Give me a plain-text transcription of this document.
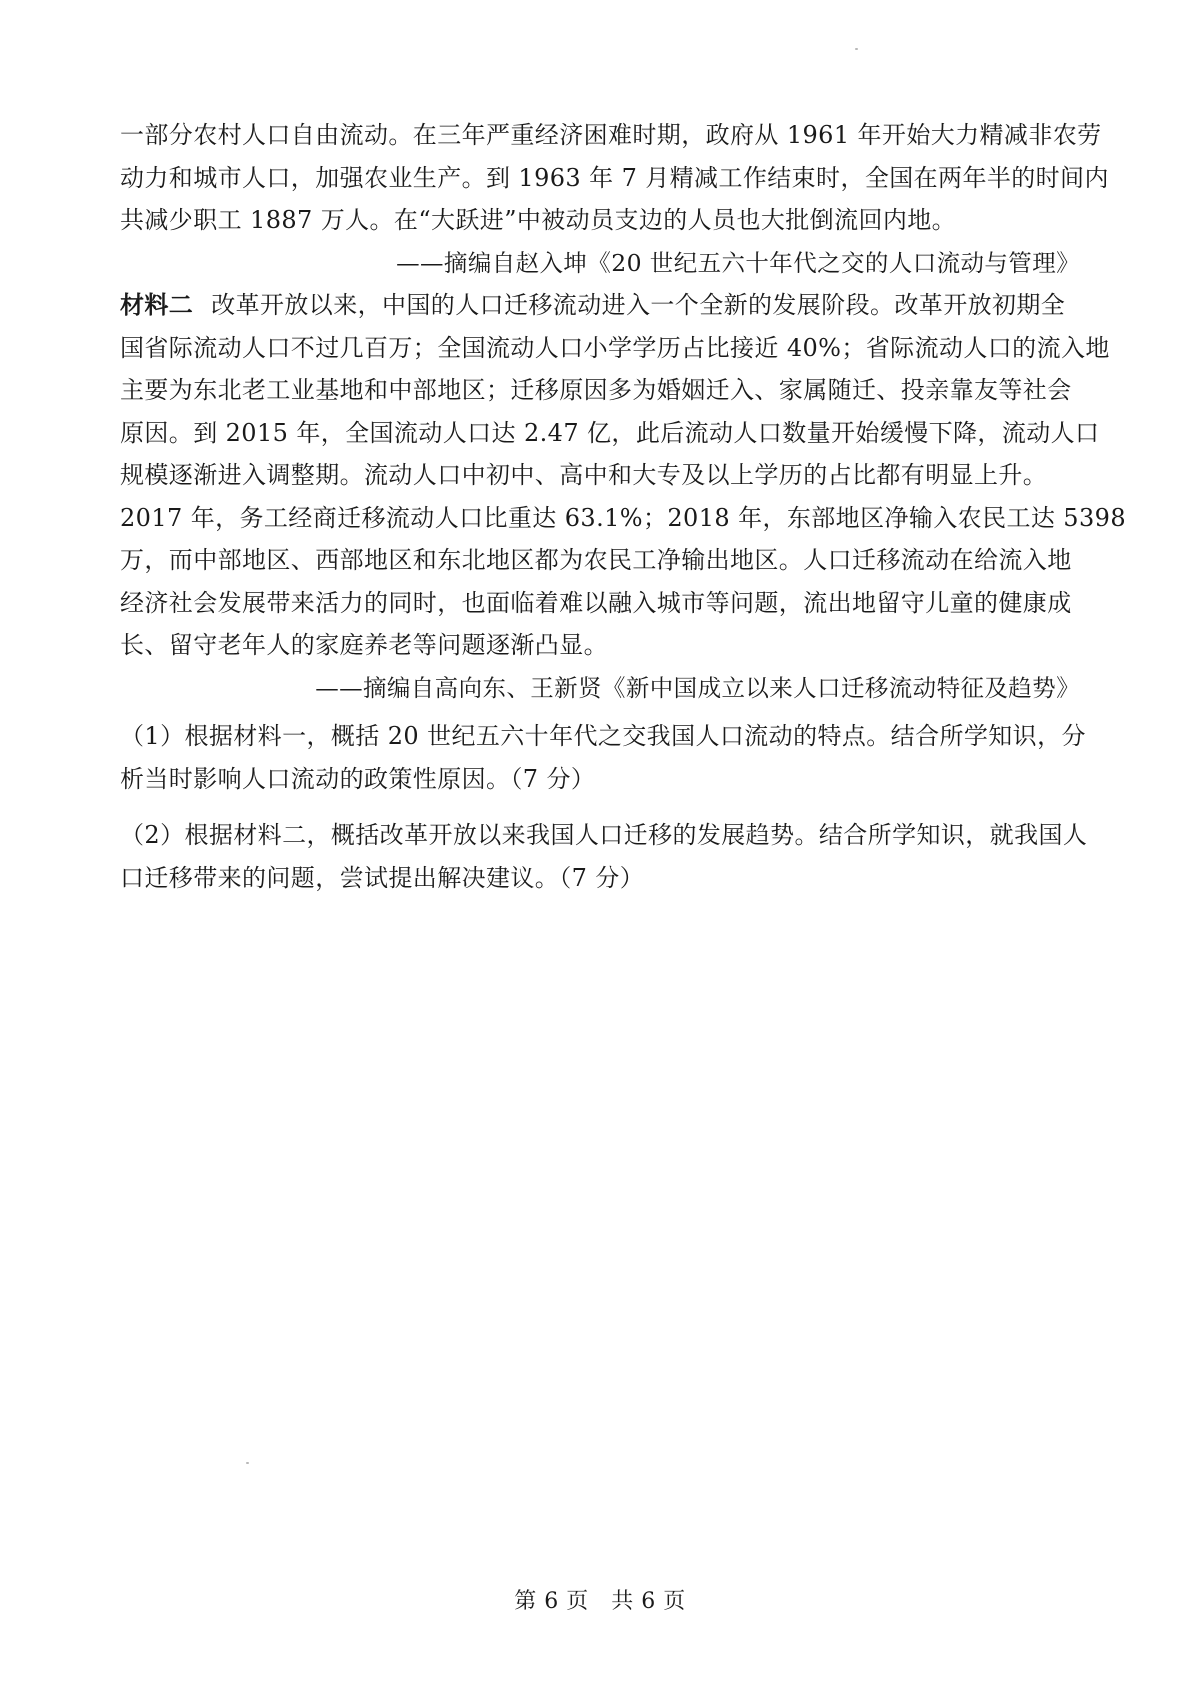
一部分农村人口自由流动。在三年严重经济困难时期，政府从 1961 年开始大力精减非农劳
动力和城市人口，加强农业生产。到 1963 年 7 月精减工作结束时，全国在两年半的时间内
共减少职工 1887 万人。在“大跃进”中被动员支边的人员也大批倒流回内地。
——摘编自赵入坤《20 世纪五六十年代之交的人口流动与管理》
材料二 改革开放以来，中国的人口迁移流动进入一个全新的发展阶段。改革开放初期全
国省际流动人口不过几百万；全国流动人口小学学历占比接近 40%；省际流动人口的流入地
主要为东北老工业基地和中部地区；迁移原因多为婚姻迁入、家属随迁、投亲靠友等社会
原因。到 2015 年，全国流动人口达 2.47 亿，此后流动人口数量开始缓慢下降，流动人口
规模逐渐进入调整期。流动人口中初中、高中和大专及以上学历的占比都有明显上升。
2017 年，务工经商迁移流动人口比重达 63.1%；2018 年，东部地区净输入农民工达 5398
万，而中部地区、西部地区和东北地区都为农民工净输出地区。人口迁移流动在给流入地
经济社会发展带来活力的同时，也面临着难以融入城市等问题，流出地留守儿童的健康成
长、留守老年人的家庭养老等问题逐渐凸显。
——摘编自高向东、王新贤《新中国成立以来人口迁移流动特征及趋势》
（1）根据材料一，概括 20 世纪五六十年代之交我国人口流动的特点。结合所学知识，分
析当时影响人口流动的政策性原因。（7 分）
（2）根据材料二，概括改革开放以来我国人口迁移的发展趋势。结合所学知识，就我国人
口迁移带来的问题，尝试提出解决建议。（7 分）
第 6 页　共 6 页
